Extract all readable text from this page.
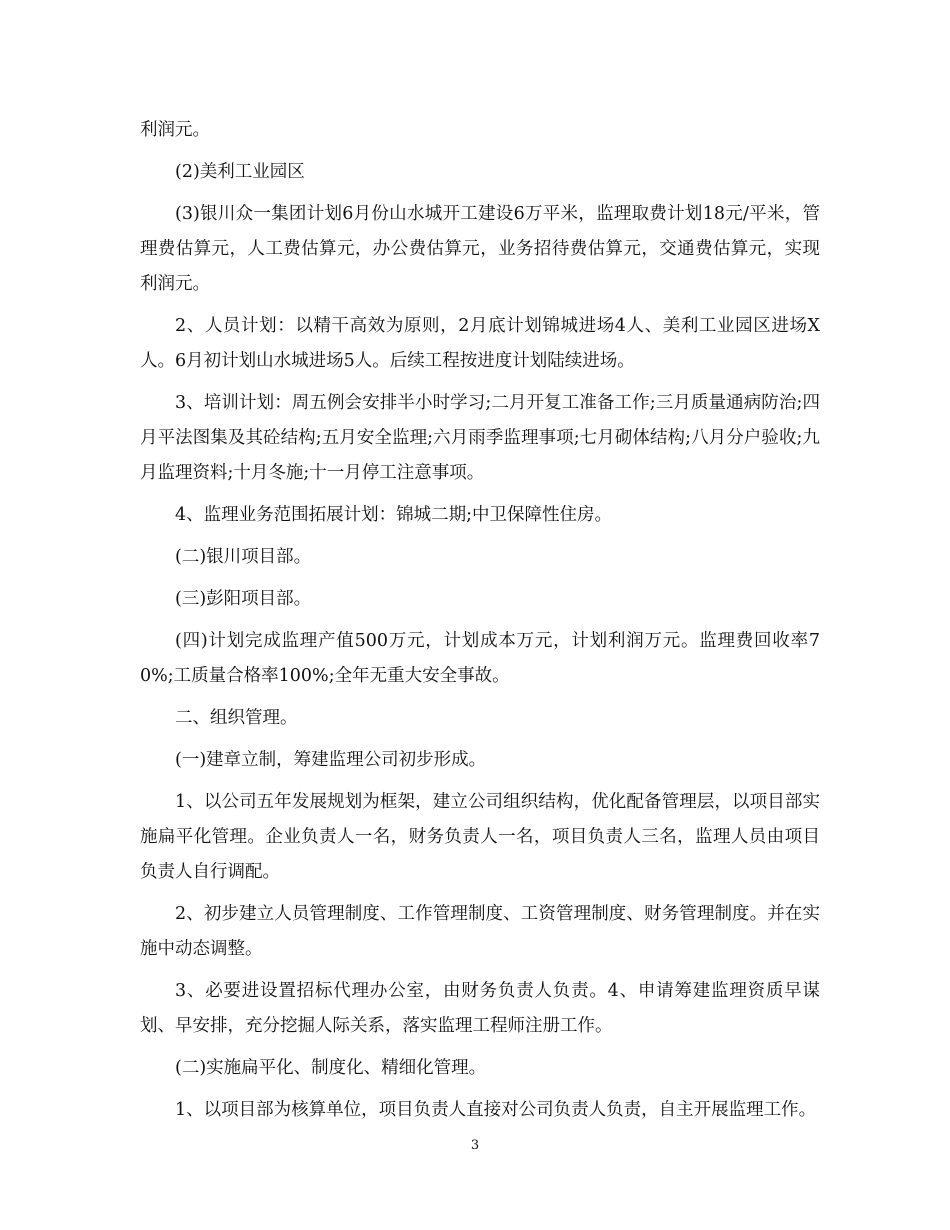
利润元。

(2)美利工业园区

(3)银川众一集团计划6月份山水城开工建设6万平米，监理取费计划18元/平米，管理费估算元，人工费估算元，办公费估算元，业务招待费估算元，交通费估算元，实现利润元。

2、人员计划：以精干高效为原则，2月底计划锦城进场4人、美利工业园区进场X人。6月初计划山水城进场5人。后续工程按进度计划陆续进场。

3、培训计划：周五例会安排半小时学习;二月开复工准备工作;三月质量通病防治;四月平法图集及其砼结构;五月安全监理;六月雨季监理事项;七月砌体结构;八月分户验收;九月监理资料;十月冬施;十一月停工注意事项。

4、监理业务范围拓展计划：锦城二期;中卫保障性住房。

(二)银川项目部。

(三)彭阳项目部。

(四)计划完成监理产值500万元，计划成本万元，计划利润万元。监理费回收率70%;工质量合格率100%;全年无重大安全事故。

二、组织管理。

(一)建章立制，筹建监理公司初步形成。

1、以公司五年发展规划为框架，建立公司组织结构，优化配备管理层，以项目部实施扁平化管理。企业负责人一名，财务负责人一名，项目负责人三名，监理人员由项目负责人自行调配。

2、初步建立人员管理制度、工作管理制度、工资管理制度、财务管理制度。并在实施中动态调整。

3、必要进设置招标代理办公室，由财务负责人负责。4、申请筹建监理资质早谋划、早安排，充分挖掘人际关系，落实监理工程师注册工作。

(二)实施扁平化、制度化、精细化管理。

1、以项目部为核算单位，项目负责人直接对公司负责人负责，自主开展监理工作。

3
